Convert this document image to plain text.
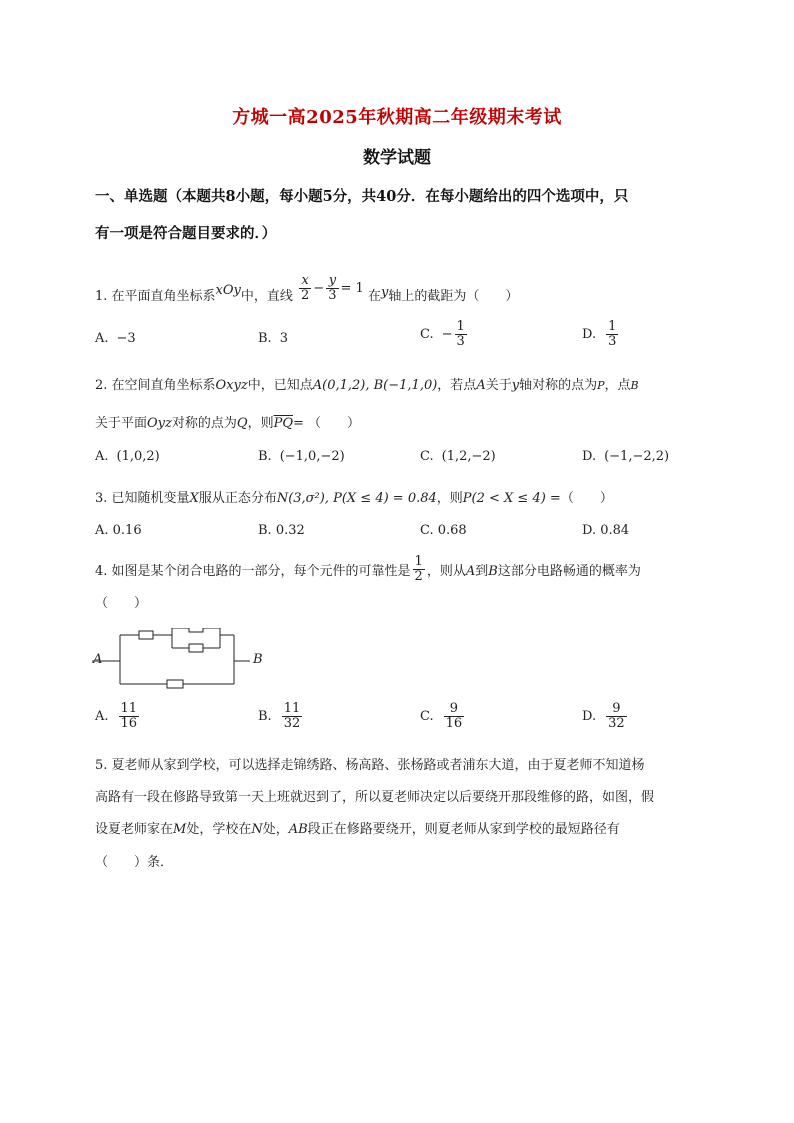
方城一高2025年秋期高二年级期末考试
数学试题
一、单选题（本题共8小题，每小题5分，共40分．在每小题给出的四个选项中，只
有一项是符合题目要求的．）
1. 在平面直角坐标系xOy中，直线 $\frac{x}{2} - \frac{y}{3} = 1$ 在y轴上的截距为（　　）
A. −3	B. 3	C. − $\frac{1}{3}$	D. $\frac{1}{3}$
2. 在空间直角坐标系Oxyz中，已知点A(0,1,2), B(−1,1,0)，若点A关于y轴对称的点为P，点B
关于平面Oyz对称的点为Q，则$\overline{PQ}=$ （　　）
A. (1,0,2)	B. (−1,0,−2)	C. (1,2,−2)	D. (−1,−2,2)
3. 已知随机变量X服从正态分布N(3,σ²), P(X ≤ 4) = 0.84，则P(2 < X ≤ 4) =（　　）
A. 0.16	B. 0.32	C. 0.68	D. 0.84
4. 如图是某个闭合电路的一部分，每个元件的可靠性是 $\frac{1}{2}$ ，则从A到B这部分电路畅通的概率为
（　　）
A	B
A. $\frac{11}{16}$	B. $\frac{11}{32}$	C. $\frac{9}{16}$	D. $\frac{9}{32}$
5. 夏老师从家到学校，可以选择走锦绣路、杨高路、张杨路或者浦东大道，由于夏老师不知道杨
高路有一段在修路导致第一天上班就迟到了，所以夏老师决定以后要绕开那段维修的路，如图，假
设夏老师家在M处，学校在N处，AB段正在修路要绕开，则夏老师从家到学校的最短路径有
（　　）条．
